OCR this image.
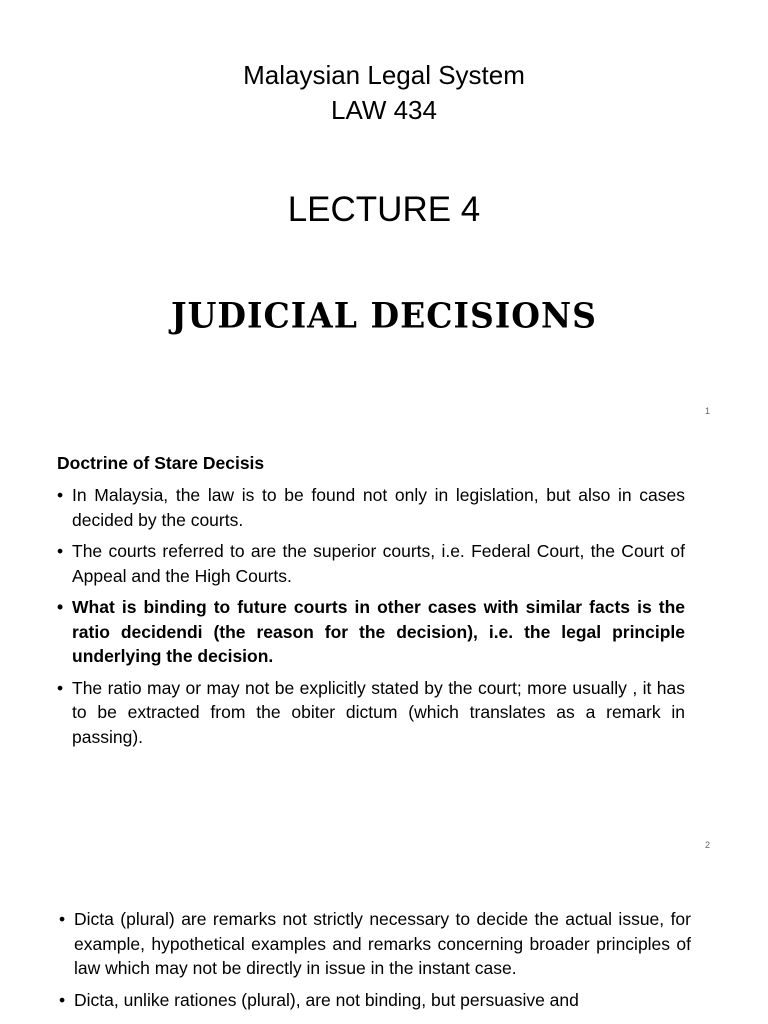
Malaysian Legal System
LAW 434
LECTURE 4
JUDICIAL DECISIONS
1
Doctrine of Stare Decisis
• In Malaysia, the law is to be found not only in legislation, but also in cases decided by the courts.
• The courts referred to are the superior courts, i.e. Federal Court, the Court of Appeal and the High Courts.
• What is binding to future courts in other cases with similar facts is the ratio decidendi (the reason for the decision), i.e. the legal principle underlying the decision.
• The ratio may or may not be explicitly stated by the court; more usually , it has to be extracted from the obiter dictum (which translates as a remark in passing).
2
• Dicta (plural) are remarks not strictly necessary to decide the actual issue, for example, hypothetical examples and remarks concerning broader principles of law which may not be directly in issue in the instant case.
• Dicta, unlike rationes (plural), are not binding, but persuasive and
